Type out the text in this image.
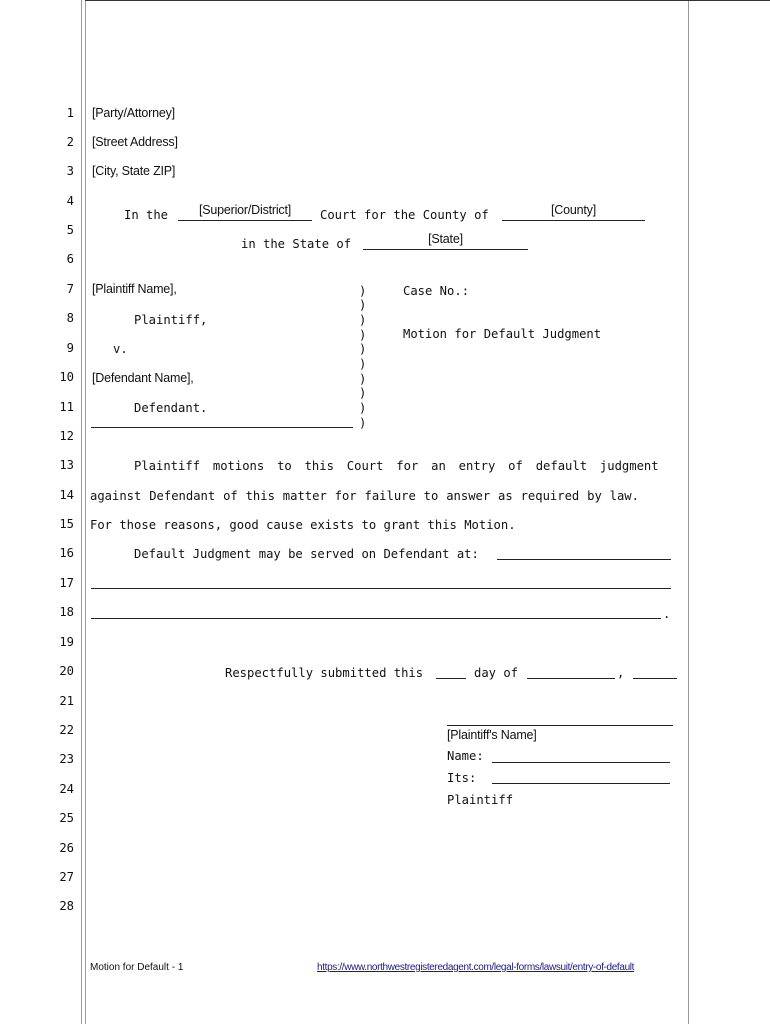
1
2
3
4
5
6
7
8
9
10
11
12
13
14
15
16
17
18
19
20
21
22
23
24
25
26
27
28
[Party/Attorney]
[Street Address]
[City, State ZIP]
In the	[Superior/District]	Court for the County of	[County]
in the State of	[State]
[Plaintiff Name],
Plaintiff,
v.
[Defendant Name],
Defendant.
)
)
)
)
)
)
)
)
)
)
Case No.:
Motion for Default Judgment
Plaintiff motions to this Court for an entry of default judgment
against Defendant of this matter for failure to answer as required by law.
For those reasons, good cause exists to grant this Motion.
Default Judgment may be served on Defendant at:
.
Respectfully submitted this	day of	,
[Plaintiff's Name]
Name:
Its:
Plaintiff
Motion for Default - 1	https://www.northwestregisteredagent.com/legal-forms/lawsuit/entry-of-default
